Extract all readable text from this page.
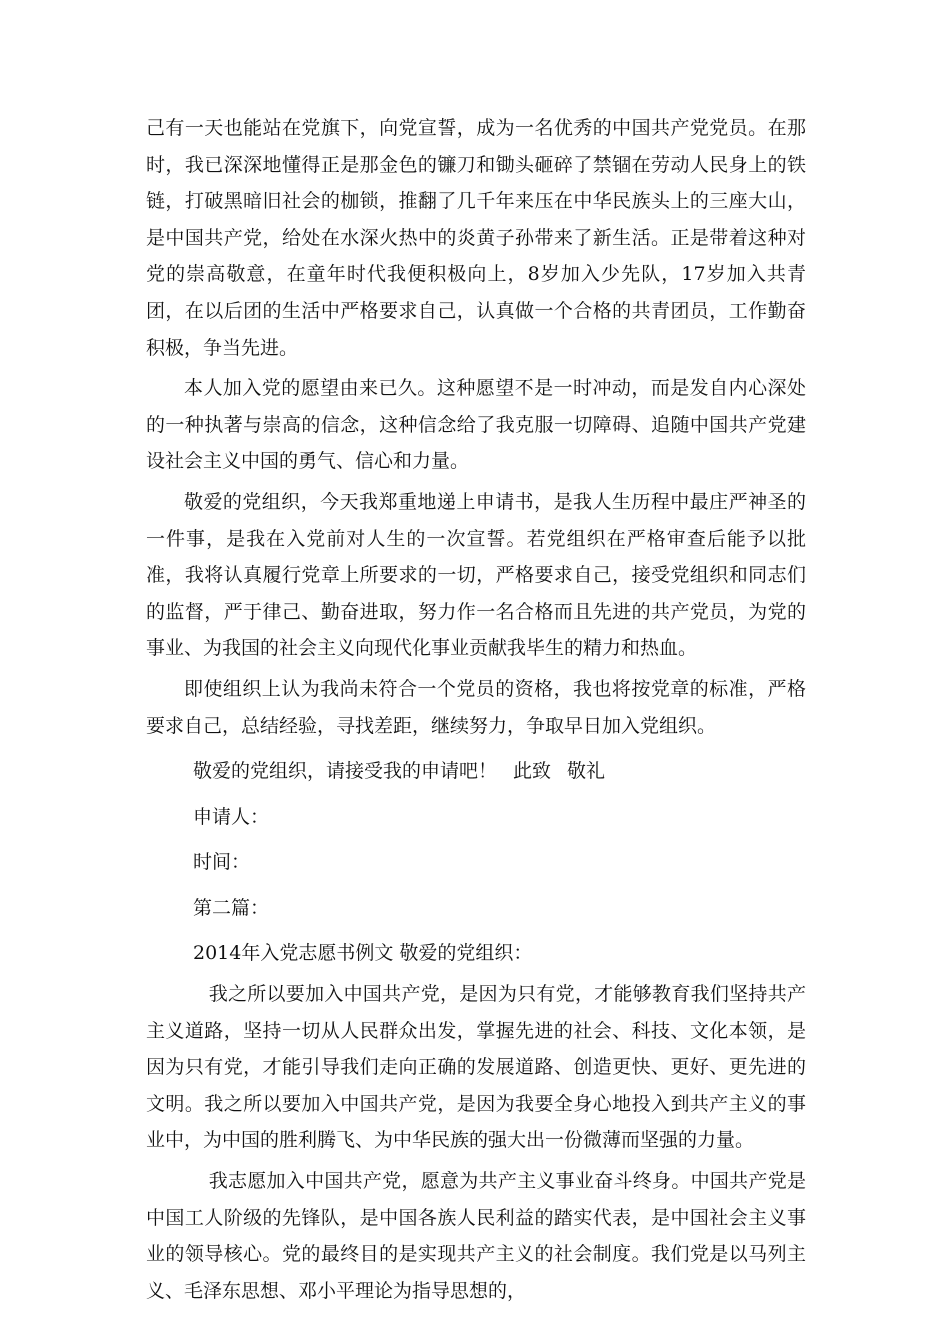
己有一天也能站在党旗下，向党宣誓，成为一名优秀的中国共产党党员。在那时，我已深深地懂得正是那金色的镰刀和锄头砸碎了禁锢在劳动人民身上的铁链，打破黑暗旧社会的枷锁，推翻了几千年来压在中华民族头上的三座大山，是中国共产党，给处在水深火热中的炎黄子孙带来了新生活。正是带着这种对党的崇高敬意，在童年时代我便积极向上，8岁加入少先队，17岁加入共青团，在以后团的生活中严格要求自己，认真做一个合格的共青团员，工作勤奋积极，争当先进。

本人加入党的愿望由来已久。这种愿望不是一时冲动，而是发自内心深处的一种执著与崇高的信念，这种信念给了我克服一切障碍、追随中国共产党建设社会主义中国的勇气、信心和力量。

敬爱的党组织，今天我郑重地递上申请书，是我人生历程中最庄严神圣的一件事，是我在入党前对人生的一次宣誓。若党组织在严格审查后能予以批准，我将认真履行党章上所要求的一切，严格要求自己，接受党组织和同志们的监督，严于律己、勤奋进取，努力作一名合格而且先进的共产党员，为党的事业、为我国的社会主义向现代化事业贡献我毕生的精力和热血。

即使组织上认为我尚未符合一个党员的资格，我也将按党章的标准，严格要求自己，总结经验，寻找差距，继续努力，争取早日加入党组织。

敬爱的党组织，请接受我的申请吧！ 此致 敬礼

申请人：

时间：

第二篇：

2014年入党志愿书例文 敬爱的党组织：

我之所以要加入中国共产党，是因为只有党，才能够教育我们坚持共产主义道路，坚持一切从人民群众出发，掌握先进的社会、科技、文化本领，是因为只有党，才能引导我们走向正确的发展道路、创造更快、更好、更先进的文明。我之所以要加入中国共产党，是因为我要全身心地投入到共产主义的事业中，为中国的胜利腾飞、为中华民族的强大出一份微薄而坚强的力量。

我志愿加入中国共产党，愿意为共产主义事业奋斗终身。中国共产党是中国工人阶级的先锋队，是中国各族人民利益的踏实代表，是中国社会主义事业的领导核心。党的最终目的是实现共产主义的社会制度。我们党是以马列主义、毛泽东思想、邓小平理论为指导思想的，
